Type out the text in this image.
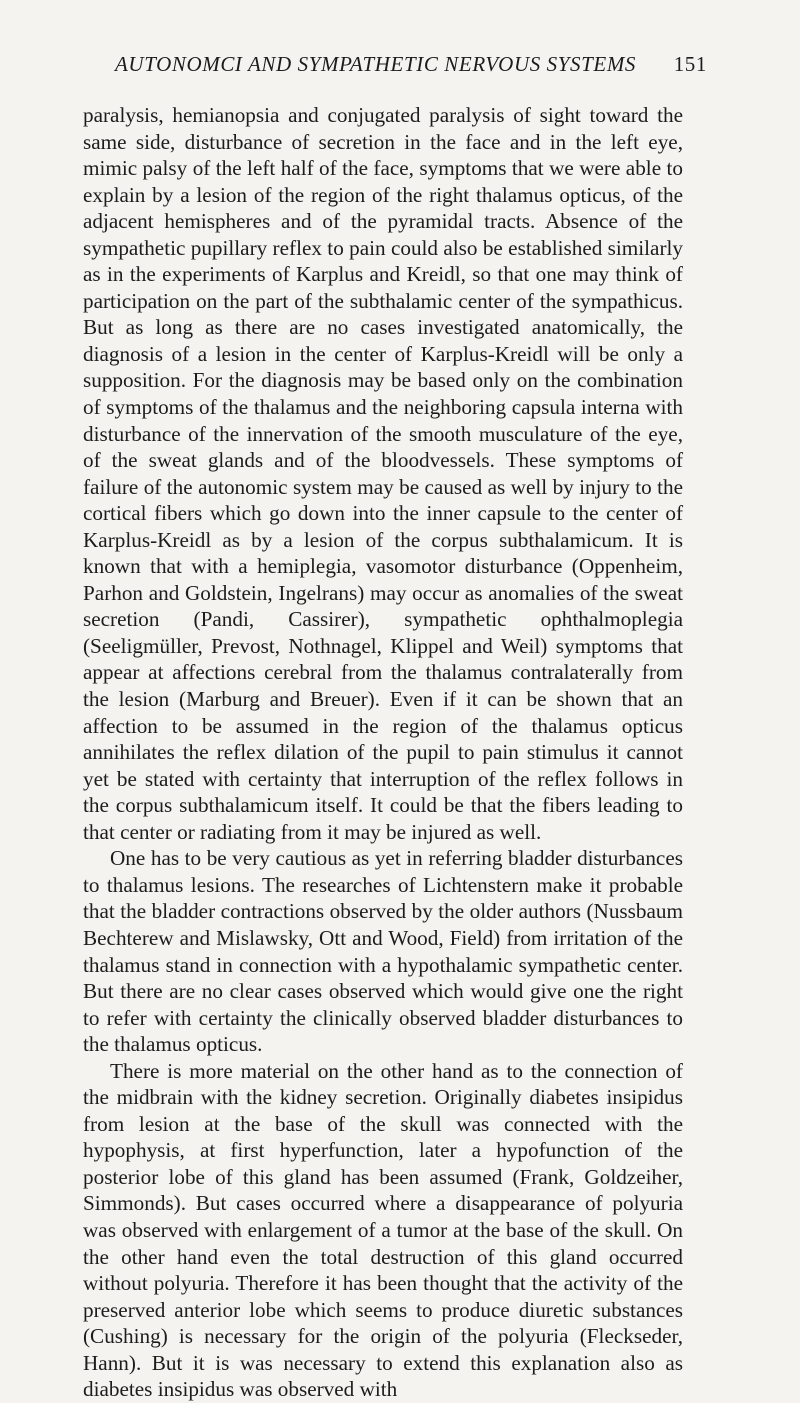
AUTONOMCI AND SYMPATHETIC NERVOUS SYSTEMS 151

paralysis, hemianopsia and conjugated paralysis of sight toward the same side, disturbance of secretion in the face and in the left eye, mimic palsy of the left half of the face, symptoms that we were able to explain by a lesion of the region of the right thalamus opticus, of the adjacent hemispheres and of the pyramidal tracts. Absence of the sympathetic pupillary reflex to pain could also be established similarly as in the experiments of Karplus and Kreidl, so that one may think of participation on the part of the subthalamic center of the sympathicus. But as long as there are no cases investigated anatomically, the diagnosis of a lesion in the center of Karplus-Kreidl will be only a supposition. For the diagnosis may be based only on the combination of symptoms of the thalamus and the neighboring capsula interna with disturbance of the innervation of the smooth musculature of the eye, of the sweat glands and of the bloodvessels. These symptoms of failure of the autonomic system may be caused as well by injury to the cortical fibers which go down into the inner capsule to the center of Karplus-Kreidl as by a lesion of the corpus subthalamicum. It is known that with a hemiplegia, vasomotor disturbance (Oppenheim, Parhon and Goldstein, Ingelrans) may occur as anomalies of the sweat secretion (Pandi, Cassirer), sympathetic ophthalmoplegia (Seeligmüller, Prevost, Nothnagel, Klippel and Weil) symptoms that appear at affections cerebral from the thalamus contralaterally from the lesion (Marburg and Breuer). Even if it can be shown that an affection to be assumed in the region of the thalamus opticus annihilates the reflex dilation of the pupil to pain stimulus it cannot yet be stated with certainty that interruption of the reflex follows in the corpus subthalamicum itself. It could be that the fibers leading to that center or radiating from it may be injured as well.

One has to be very cautious as yet in referring bladder disturbances to thalamus lesions. The researches of Lichtenstern make it probable that the bladder contractions observed by the older authors (Nussbaum Bechterew and Mislawsky, Ott and Wood, Field) from irritation of the thalamus stand in connection with a hypothalamic sympathetic center. But there are no clear cases observed which would give one the right to refer with certainty the clinically observed bladder disturbances to the thalamus opticus.

There is more material on the other hand as to the connection of the midbrain with the kidney secretion. Originally diabetes insipidus from lesion at the base of the skull was connected with the hypophysis, at first hyperfunction, later a hypofunction of the posterior lobe of this gland has been assumed (Frank, Goldzeiher, Simmonds). But cases occurred where a disappearance of polyuria was observed with enlargement of a tumor at the base of the skull. On the other hand even the total destruction of this gland occurred without polyuria. Therefore it has been thought that the activity of the preserved anterior lobe which seems to produce diuretic substances (Cushing) is necessary for the origin of the polyuria (Fleckseder, Hann). But it is was necessary to extend this explanation also as diabetes insipidus was observed with
